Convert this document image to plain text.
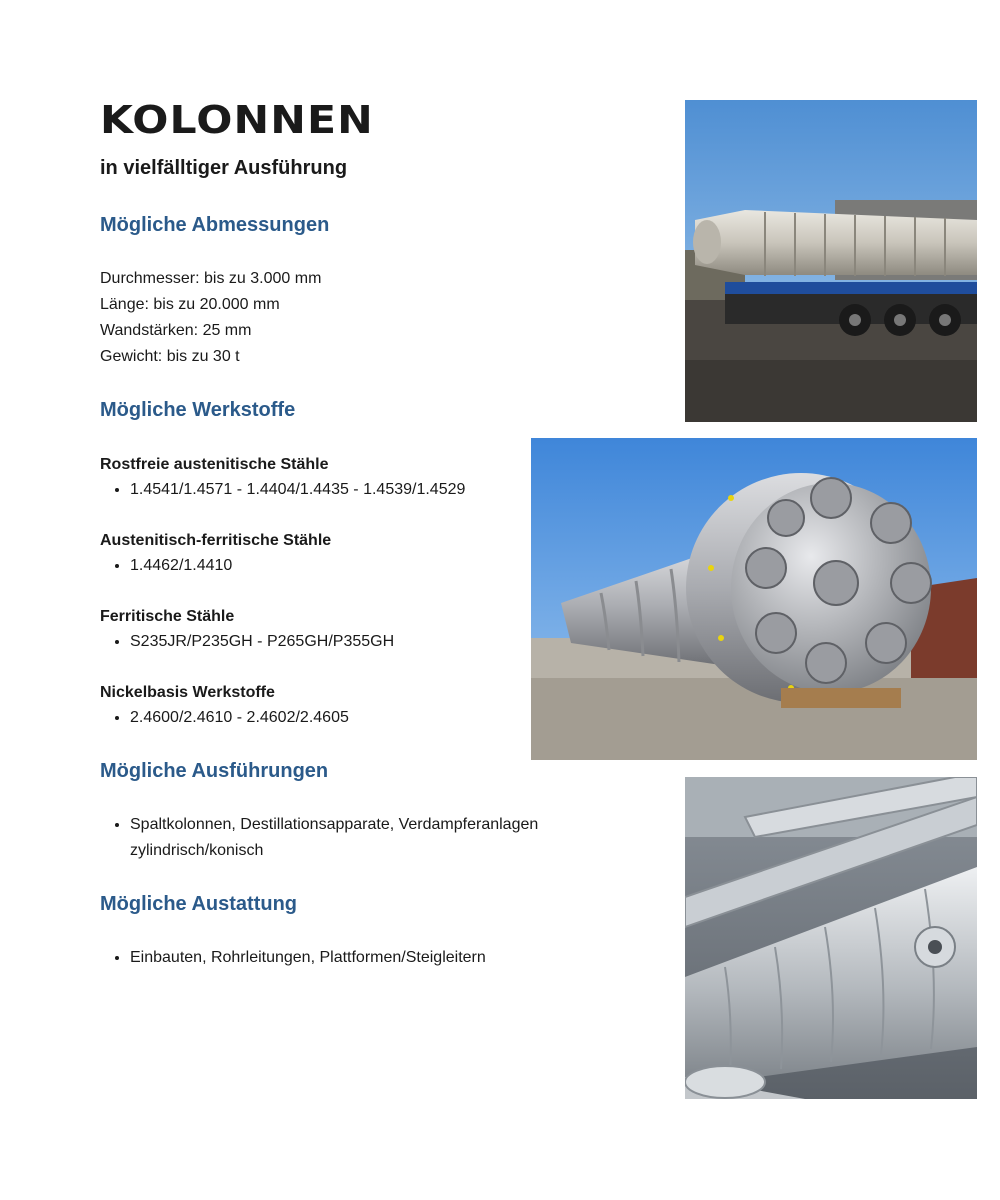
KOLONNEN
in vielfälltiger Ausführung
Mögliche Abmessungen
Durchmesser: bis zu 3.000 mm
Länge: bis zu 20.000 mm
Wandstärken: 25 mm
Gewicht: bis zu 30 t
Mögliche Werkstoffe
Rostfreie austenitische Stähle
• 1.4541/1.4571 - 1.4404/1.4435 - 1.4539/1.4529
Austenitisch-ferritische Stähle
• 1.4462/1.4410
Ferritische Stähle
• S235JR/P235GH - P265GH/P355GH
Nickelbasis Werkstoffe
• 2.4600/2.4610 - 2.4602/2.4605
Mögliche Ausführungen
• Spaltkolonnen, Destillationsapparate, Verdampferanlagen zylindrisch/konisch
Mögliche Austattung
• Einbauten, Rohrleitungen, Plattformen/Steigleitern
